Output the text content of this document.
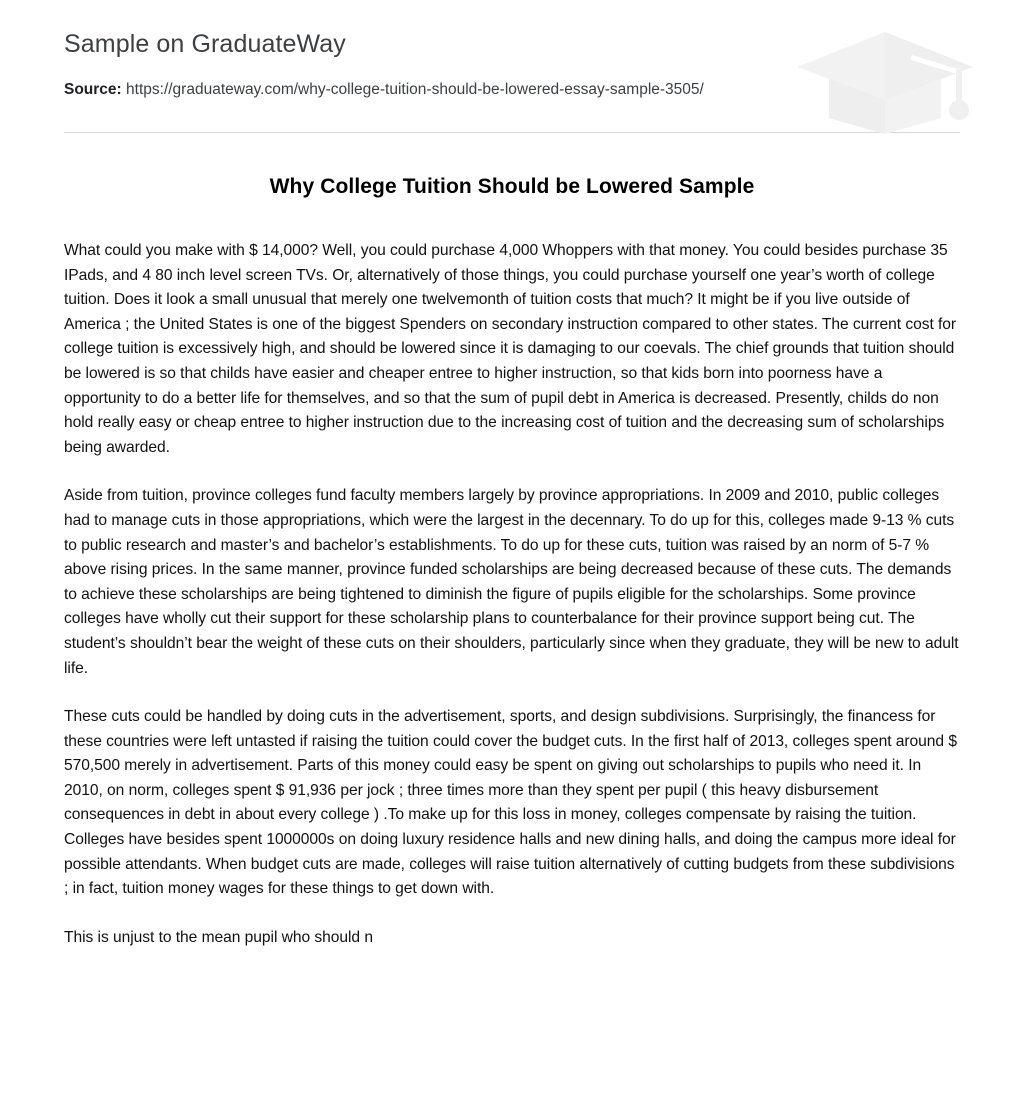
Sample on GraduateWay

Source: https://graduateway.com/why-college-tuition-should-be-lowered-essay-sample-3505/

Why College Tuition Should be Lowered Sample

What could you make with $ 14,000? Well, you could purchase 4,000 Whoppers with that money. You could besides purchase 35 IPads, and 4 80 inch level screen TVs. Or, alternatively of those things, you could purchase yourself one year’s worth of college tuition. Does it look a small unusual that merely one twelvemonth of tuition costs that much? It might be if you live outside of America ; the United States is one of the biggest Spenders on secondary instruction compared to other states. The current cost for college tuition is excessively high, and should be lowered since it is damaging to our coevals. The chief grounds that tuition should be lowered is so that childs have easier and cheaper entree to higher instruction, so that kids born into poorness have a opportunity to do a better life for themselves, and so that the sum of pupil debt in America is decreased. Presently, childs do non hold really easy or cheap entree to higher instruction due to the increasing cost of tuition and the decreasing sum of scholarships being awarded.

Aside from tuition, province colleges fund faculty members largely by province appropriations. In 2009 and 2010, public colleges had to manage cuts in those appropriations, which were the largest in the decennary. To do up for this, colleges made 9-13 % cuts to public research and master’s and bachelor’s establishments. To do up for these cuts, tuition was raised by an norm of 5-7 % above rising prices. In the same manner, province funded scholarships are being decreased because of these cuts. The demands to achieve these scholarships are being tightened to diminish the figure of pupils eligible for the scholarships. Some province colleges have wholly cut their support for these scholarship plans to counterbalance for their province support being cut. The student’s shouldn’t bear the weight of these cuts on their shoulders, particularly since when they graduate, they will be new to adult life.

These cuts could be handled by doing cuts in the advertisement, sports, and design subdivisions. Surprisingly, the financess for these countries were left untasted if raising the tuition could cover the budget cuts. In the first half of 2013, colleges spent around $ 570,500 merely in advertisement. Parts of this money could easy be spent on giving out scholarships to pupils who need it. In 2010, on norm, colleges spent $ 91,936 per jock ; three times more than they spent per pupil ( this heavy disbursement consequences in debt in about every college ) .To make up for this loss in money, colleges compensate by raising the tuition. Colleges have besides spent 1000000s on doing luxury residence halls and new dining halls, and doing the campus more ideal for possible attendants. When budget cuts are made, colleges will raise tuition alternatively of cutting budgets from these subdivisions ; in fact, tuition money wages for these things to get down with.

This is unjust to the mean pupil who should n
